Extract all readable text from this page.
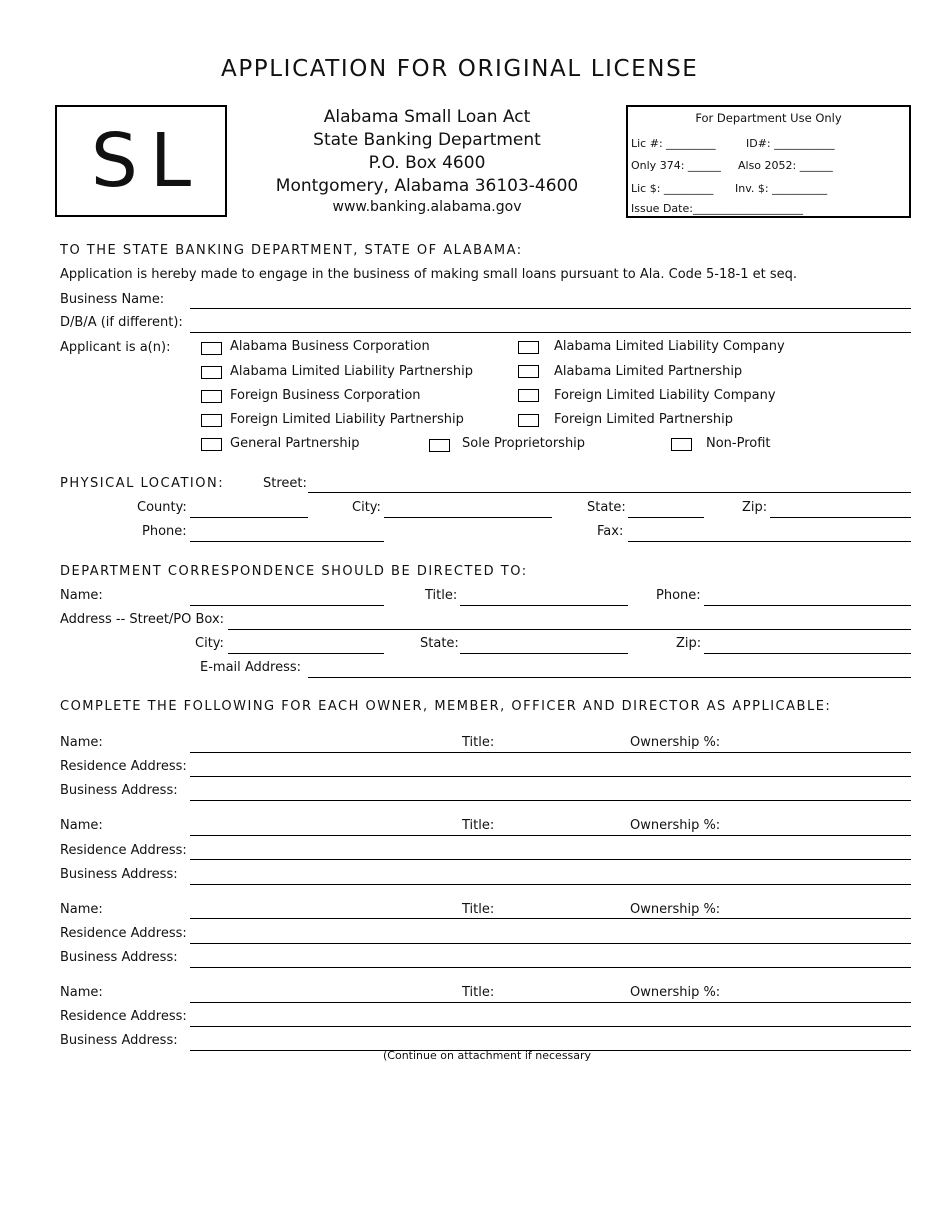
APPLICATION FOR ORIGINAL LICENSE
SL
Alabama Small Loan Act
State Banking Department
P.O. Box 4600
Montgomery, Alabama 36103-4600
www.banking.alabama.gov
For Department Use Only
Lic #: _________	ID#: ___________
Only 374: ______ Also 2052: ______
Lic $: _________ Inv. $: __________
Issue Date:____________________
TO THE STATE BANKING DEPARTMENT, STATE OF ALABAMA:
Application is hereby made to engage in the business of making small loans pursuant to Ala. Code 5-18-1 et seq.
Business Name:
D/B/A (if different):
Applicant is a(n):	Alabama Business Corporation	Alabama Limited Liability Company
Alabama Limited Liability Partnership	Alabama Limited Partnership
Foreign Business Corporation	Foreign Limited Liability Company
Foreign Limited Liability Partnership	Foreign Limited Partnership
General Partnership	Sole Proprietorship	Non-Profit
PHYSICAL LOCATION:	Street:
County:	City:	State:	Zip:
Phone:	Fax:
DEPARTMENT CORRESPONDENCE SHOULD BE DIRECTED TO:
Name:	Title:	Phone:
Address -- Street/PO Box:
City:	State:	Zip:
E-mail Address:
COMPLETE THE FOLLOWING FOR EACH OWNER, MEMBER, OFFICER AND DIRECTOR AS APPLICABLE:
Name:	Title:	Ownership %:
Residence Address:
Business Address:
Name:	Title:	Ownership %:
Residence Address:
Business Address:
Name:	Title:	Ownership %:
Residence Address:
Business Address:
Name:	Title:	Ownership %:
Residence Address:
Business Address:
(Continue on attachment if necessary
